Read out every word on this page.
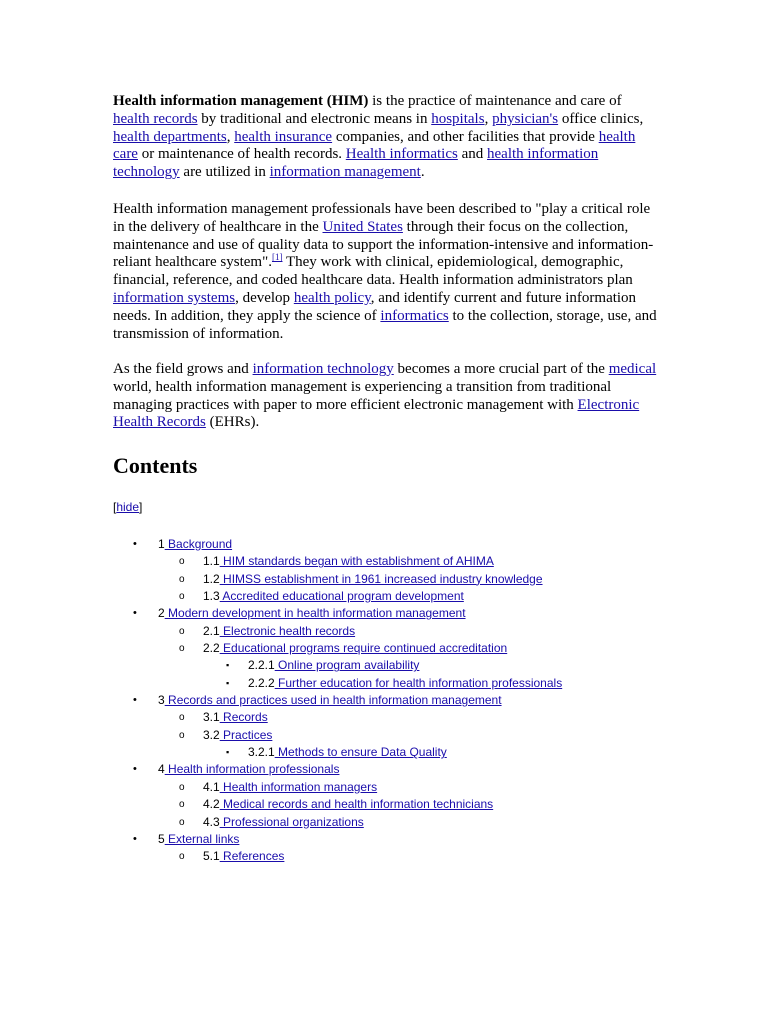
Health information management (HIM) is the practice of maintenance and care of health records by traditional and electronic means in hospitals, physician's office clinics, health departments, health insurance companies, and other facilities that provide health care or maintenance of health records. Health informatics and health information technology are utilized in information management.

Health information management professionals have been described to "play a critical role in the delivery of healthcare in the United States through their focus on the collection, maintenance and use of quality data to support the information-intensive and information-reliant healthcare system".[1] They work with clinical, epidemiological, demographic, financial, reference, and coded healthcare data. Health information administrators plan information systems, develop health policy, and identify current and future information needs. In addition, they apply the science of informatics to the collection, storage, use, and transmission of information.

As the field grows and information technology becomes a more crucial part of the medical world, health information management is experiencing a transition from traditional managing practices with paper to more efficient electronic management with Electronic Health Records (EHRs).

Contents
[hide]
• 1 Background
o 1.1 HIM standards began with establishment of AHIMA
o 1.2 HIMSS establishment in 1961 increased industry knowledge
o 1.3 Accredited educational program development
• 2 Modern development in health information management
o 2.1 Electronic health records
o 2.2 Educational programs require continued accreditation
▪ 2.2.1 Online program availability
▪ 2.2.2 Further education for health information professionals
• 3 Records and practices used in health information management
o 3.1 Records
o 3.2 Practices
▪ 3.2.1 Methods to ensure Data Quality
• 4 Health information professionals
o 4.1 Health information managers
o 4.2 Medical records and health information technicians
o 4.3 Professional organizations
• 5 External links
o 5.1 References
